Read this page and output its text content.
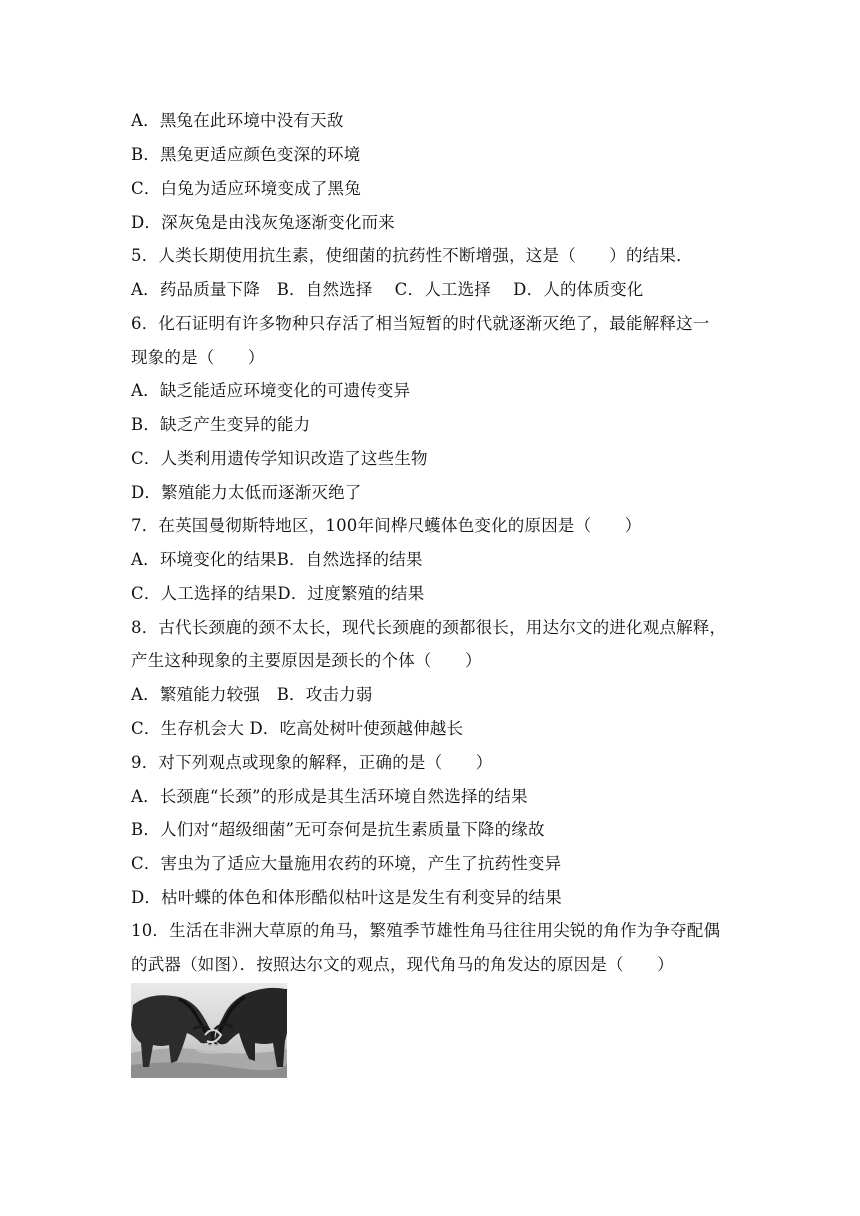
A．黑兔在此环境中没有天敌
B．黑兔更适应颜色变深的环境
C．白兔为适应环境变成了黑兔
D．深灰兔是由浅灰兔逐渐变化而来
5．人类长期使用抗生素，使细菌的抗药性不断增强，这是（　　）的结果．
A．药品质量下降　B．自然选择　 C．人工选择　 D．人的体质变化
6．化石证明有许多物种只存活了相当短暂的时代就逐渐灭绝了，最能解释这一
现象的是（　　）
A．缺乏能适应环境变化的可遗传变异
B．缺乏产生变异的能力
C．人类利用遗传学知识改造了这些生物
D．繁殖能力太低而逐渐灭绝了
7．在英国曼彻斯特地区，100年间桦尺蠖体色变化的原因是（　　）
A．环境变化的结果B．自然选择的结果
C．人工选择的结果D．过度繁殖的结果
8．古代长颈鹿的颈不太长，现代长颈鹿的颈都很长，用达尔文的进化观点解释，
产生这种现象的主要原因是颈长的个体（　　）
A．繁殖能力较强　B．攻击力弱
C．生存机会大 D．吃高处树叶使颈越伸越长
9．对下列观点或现象的解释，正确的是（　　）
A．长颈鹿“长颈”的形成是其生活环境自然选择的结果
B．人们对“超级细菌”无可奈何是抗生素质量下降的缘故
C．害虫为了适应大量施用农药的环境，产生了抗药性变异
D．枯叶蝶的体色和体形酷似枯叶这是发生有利变异的结果
10．生活在非洲大草原的角马，繁殖季节雄性角马往往用尖锐的角作为争夺配偶
的武器（如图）．按照达尔文的观点，现代角马的角发达的原因是（　　）
